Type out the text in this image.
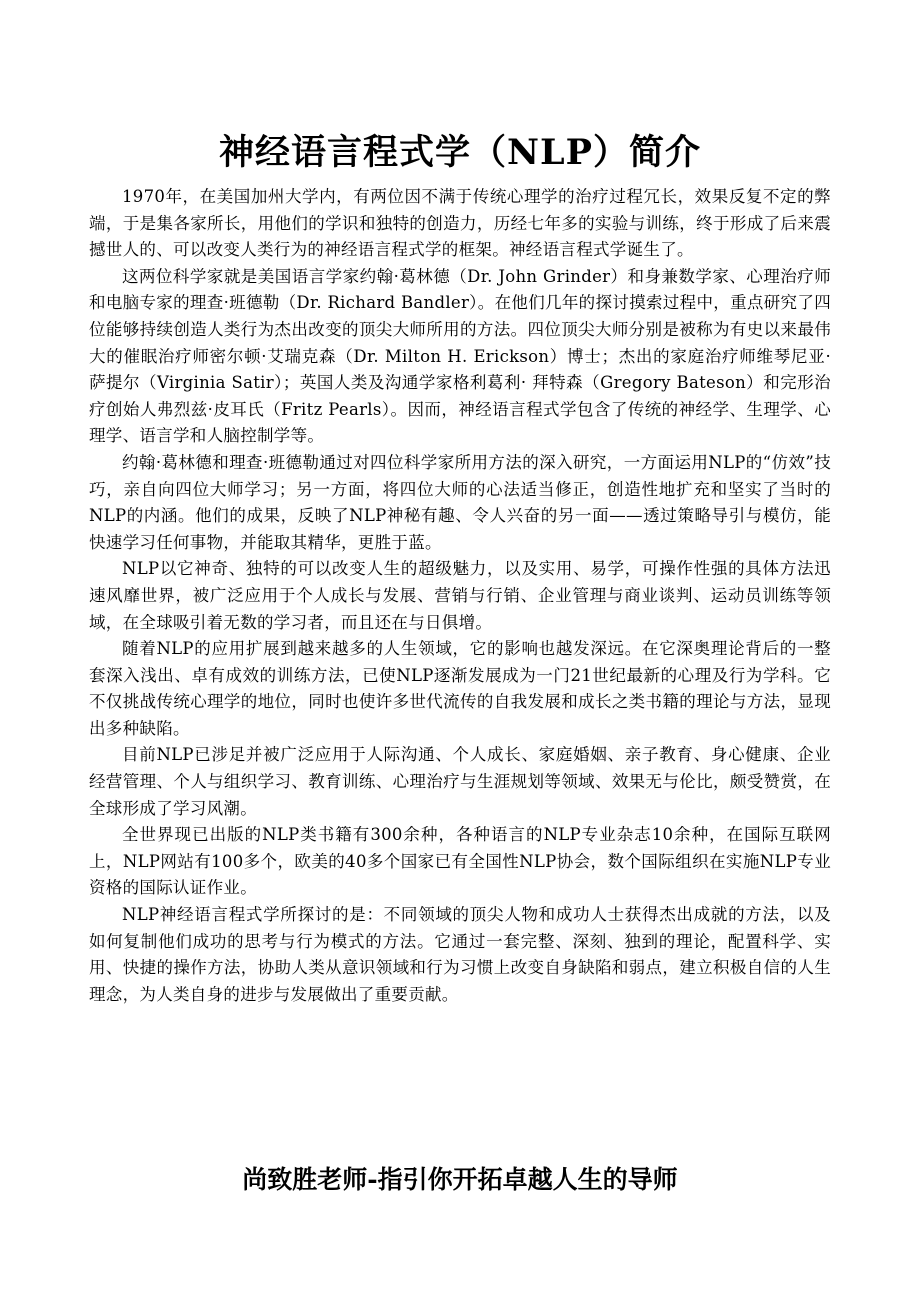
神经语言程式学（NLP）简介

1970年，在美国加州大学内，有两位因不满于传统心理学的治疗过程冗长，效果反复不定的弊端，于是集各家所长，用他们的学识和独特的创造力，历经七年多的实验与训练，终于形成了后来震撼世人的、可以改变人类行为的神经语言程式学的框架。神经语言程式学诞生了。

这两位科学家就是美国语言学家约翰·葛林德（Dr. John Grinder）和身兼数学家、心理治疗师和电脑专家的理查·班德勒（Dr. Richard Bandler）。在他们几年的探讨摸索过程中，重点研究了四位能够持续创造人类行为杰出改变的顶尖大师所用的方法。四位顶尖大师分别是被称为有史以来最伟大的催眠治疗师密尔顿·艾瑞克森（Dr. Milton H. Erickson）博士；杰出的家庭治疗师维琴尼亚· 萨提尔（Virginia Satir）；英国人类及沟通学家格利葛利· 拜特森（Gregory Bateson）和完形治疗创始人弗烈兹·皮耳氏（Fritz Pearls）。因而，神经语言程式学包含了传统的神经学、生理学、心理学、语言学和人脑控制学等。

约翰·葛林德和理查·班德勒通过对四位科学家所用方法的深入研究，一方面运用NLP的“仿效”技巧，亲自向四位大师学习；另一方面，将四位大师的心法适当修正，创造性地扩充和坚实了当时的NLP的内涵。他们的成果，反映了NLP神秘有趣、令人兴奋的另一面——透过策略导引与模仿，能快速学习任何事物，并能取其精华，更胜于蓝。

NLP以它神奇、独特的可以改变人生的超级魅力，以及实用、易学，可操作性强的具体方法迅速风靡世界，被广泛应用于个人成长与发展、营销与行销、企业管理与商业谈判、运动员训练等领域，在全球吸引着无数的学习者，而且还在与日俱增。

随着NLP的应用扩展到越来越多的人生领域，它的影响也越发深远。在它深奥理论背后的一整套深入浅出、卓有成效的训练方法，已使NLP逐渐发展成为一门21世纪最新的心理及行为学科。它不仅挑战传统心理学的地位，同时也使许多世代流传的自我发展和成长之类书籍的理论与方法，显现出多种缺陷。

目前NLP已涉足并被广泛应用于人际沟通、个人成长、家庭婚姻、亲子教育、身心健康、企业经营管理、个人与组织学习、教育训练、心理治疗与生涯规划等领域、效果无与伦比，颇受赞赏，在全球形成了学习风潮。

全世界现已出版的NLP类书籍有300余种，各种语言的NLP专业杂志10余种，在国际互联网上，NLP网站有100多个，欧美的40多个国家已有全国性NLP协会，数个国际组织在实施NLP专业资格的国际认证作业。

NLP神经语言程式学所探讨的是：不同领域的顶尖人物和成功人士获得杰出成就的方法，以及如何复制他们成功的思考与行为模式的方法。它通过一套完整、深刻、独到的理论，配置科学、实用、快捷的操作方法，协助人类从意识领域和行为习惯上改变自身缺陷和弱点，建立积极自信的人生理念，为人类自身的进步与发展做出了重要贡献。

尚致胜老师-指引你开拓卓越人生的导师
